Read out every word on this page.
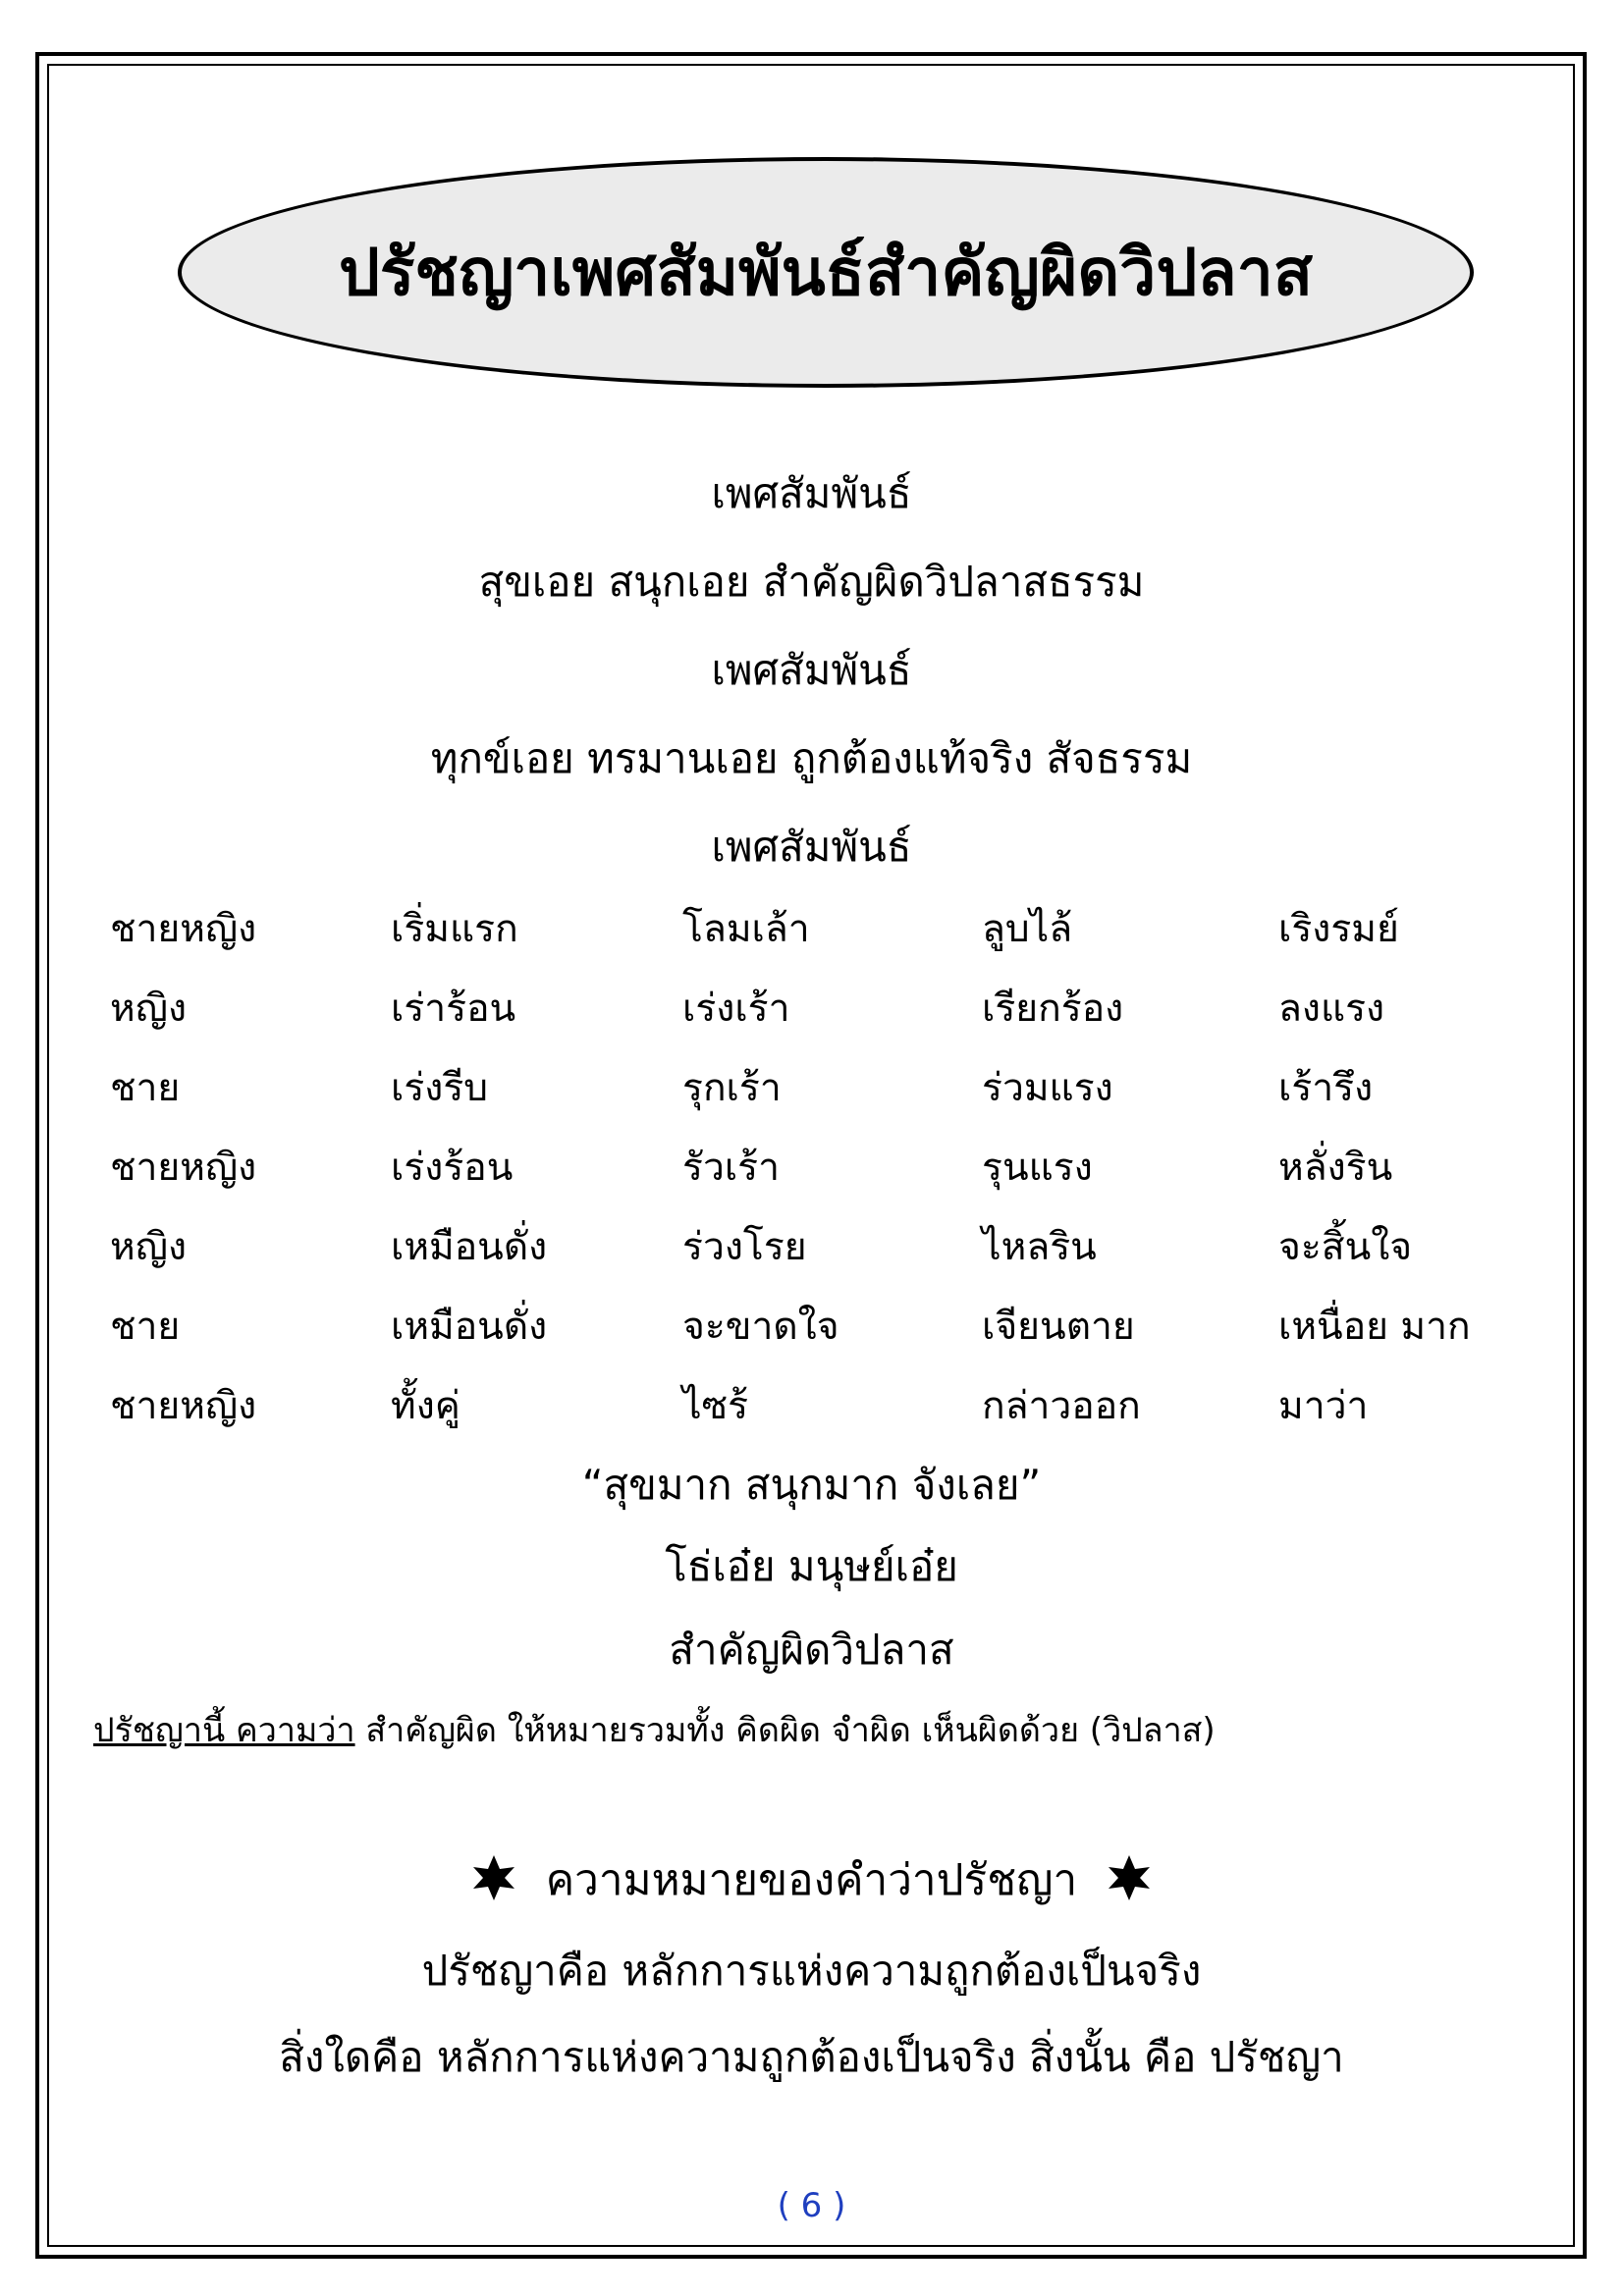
ปรัชญาเพศสัมพันธ์สำคัญผิดวิปลาส
เพศสัมพันธ์
สุขเอย สนุกเอย สำคัญผิดวิปลาสธรรม
เพศสัมพันธ์
ทุกข์เอย ทรมานเอย ถูกต้องแท้จริง สัจธรรม
เพศสัมพันธ์
ชายหญิง	เริ่มแรก	โลมเล้า	ลูบไล้	เริงรมย์
หญิง	เร่าร้อน	เร่งเร้า	เรียกร้อง	ลงแรง
ชาย	เร่งรีบ	รุกเร้า	ร่วมแรง	เร้ารึง
ชายหญิง	เร่งร้อน	รัวเร้า	รุนแรง	หลั่งริน
หญิง	เหมือนดั่ง	ร่วงโรย	ไหลริน	จะสิ้นใจ
ชาย	เหมือนดั่ง	จะขาดใจ	เจียนตาย	เหนื่อย มาก
ชายหญิง	ทั้งคู่	ไซร้	กล่าวออก	มาว่า
“สุขมาก สนุกมาก จังเลย”
โธ่เอ๋ย มนุษย์เอ๋ย
สำคัญผิดวิปลาส
ปรัชญานี้ ความว่า สำคัญผิด ให้หมายรวมทั้ง คิดผิด จำผิด เห็นผิดด้วย (วิปลาส)
ความหมายของคำว่าปรัชญา
ปรัชญาคือ หลักการแห่งความถูกต้องเป็นจริง
สิ่งใดคือ หลักการแห่งความถูกต้องเป็นจริง สิ่งนั้น คือ ปรัชญา
( 6 )
